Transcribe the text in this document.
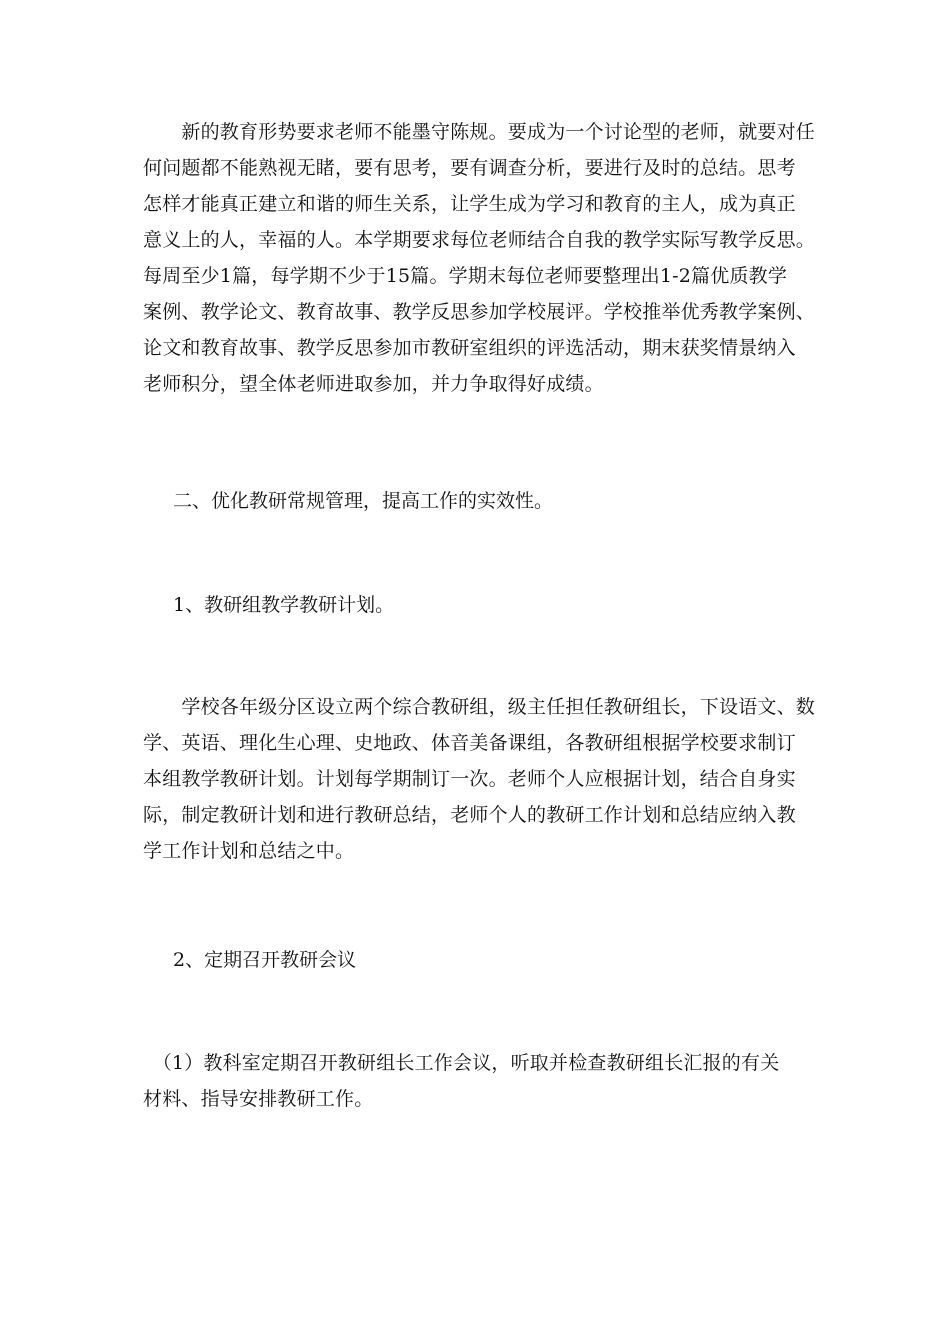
　　新的教育形势要求老师不能墨守陈规。要成为一个讨论型的老师，就要对任
何问题都不能熟视无睹，要有思考，要有调查分析，要进行及时的总结。思考
怎样才能真正建立和谐的师生关系，让学生成为学习和教育的主人，成为真正
意义上的人，幸福的人。本学期要求每位老师结合自我的教学实际写教学反思。
每周至少1篇，每学期不少于15篇。学期末每位老师要整理出1-2篇优质教学
案例、教学论文、教育故事、教学反思参加学校展评。学校推举优秀教学案例、
论文和教育故事、教学反思参加市教研室组织的评选活动，期末获奖情景纳入
老师积分，望全体老师进取参加，并力争取得好成绩。
二、优化教研常规管理，提高工作的实效性。
1、教研组教学教研计划。
　　学校各年级分区设立两个综合教研组，级主任担任教研组长，下设语文、数
学、英语、理化生心理、史地政、体音美备课组，各教研组根据学校要求制订
本组教学教研计划。计划每学期制订一次。老师个人应根据计划，结合自身实
际，制定教研计划和进行教研总结，老师个人的教研工作计划和总结应纳入教
学工作计划和总结之中。
2、定期召开教研会议
　（1）教科室定期召开教研组长工作会议，听取并检查教研组长汇报的有关
材料、指导安排教研工作。
